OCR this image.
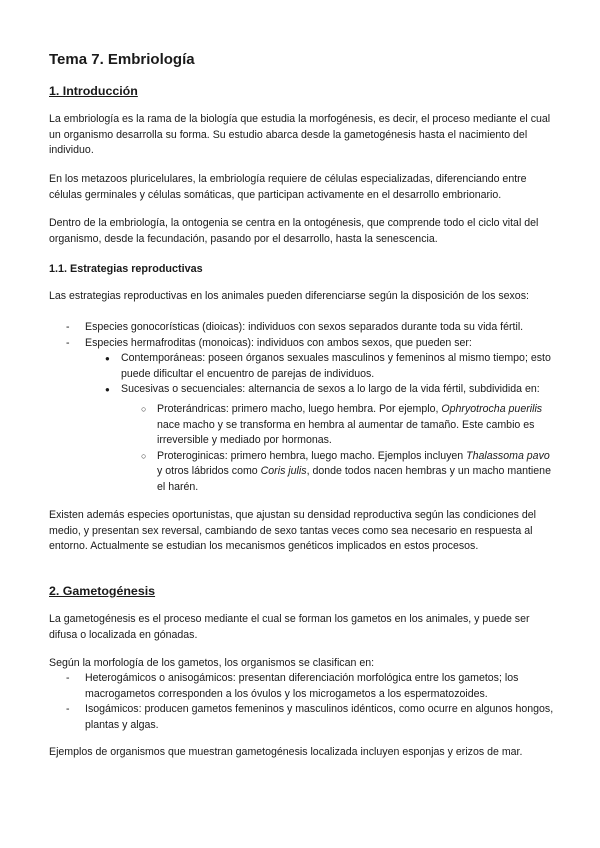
Tema 7. Embriología
1. Introducción

La embriología es la rama de la biología que estudia la morfogénesis, es decir, el proceso mediante el cual un organismo desarrolla su forma. Su estudio abarca desde la gametogénesis hasta el nacimiento del individuo.

En los metazoos pluricelulares, la embriología requiere de células especializadas, diferenciando entre células germinales y células somáticas, que participan activamente en el desarrollo embrionario.

Dentro de la embriología, la ontogenia se centra en la ontogénesis, que comprende todo el ciclo vital del organismo, desde la fecundación, pasando por el desarrollo, hasta la senescencia.

1.1. Estrategias reproductivas

Las estrategias reproductivas en los animales pueden diferenciarse según la disposición de los sexos:

- Especies gonocorísticas (dioicas): individuos con sexos separados durante toda su vida fértil.
- Especies hermafroditas (monoicas): individuos con ambos sexos, que pueden ser:
● Contemporáneas: poseen órganos sexuales masculinos y femeninos al mismo tiempo; esto puede dificultar el encuentro de parejas de individuos.
● Sucesivas o secuenciales: alternancia de sexos a lo largo de la vida fértil, subdividida en:
○ Proterándricas: primero macho, luego hembra. Por ejemplo, Ophryotrocha puerilis nace macho y se transforma en hembra al aumentar de tamaño. Este cambio es irreversible y mediado por hormonas.
○ Proteroginicas: primero hembra, luego macho. Ejemplos incluyen Thalassoma pavo y otros lábridos como Coris julis, donde todos nacen hembras y un macho mantiene el harén.

Existen además especies oportunistas, que ajustan su densidad reproductiva según las condiciones del medio, y presentan sex reversal, cambiando de sexo tantas veces como sea necesario en respuesta al entorno. Actualmente se estudian los mecanismos genéticos implicados en estos procesos.

2. Gametogénesis

La gametogénesis es el proceso mediante el cual se forman los gametos en los animales, y puede ser difusa o localizada en gónadas.

Según la morfología de los gametos, los organismos se clasifican en:

- Heterogámicos o anisogámicos: presentan diferenciación morfológica entre los gametos; los macrogametos corresponden a los óvulos y los microgametos a los espermatozoides.
- Isogámicos: producen gametos femeninos y masculinos idénticos, como ocurre en algunos hongos, plantas y algas.

Ejemplos de organismos que muestran gametogénesis localizada incluyen esponjas y erizos de mar.
